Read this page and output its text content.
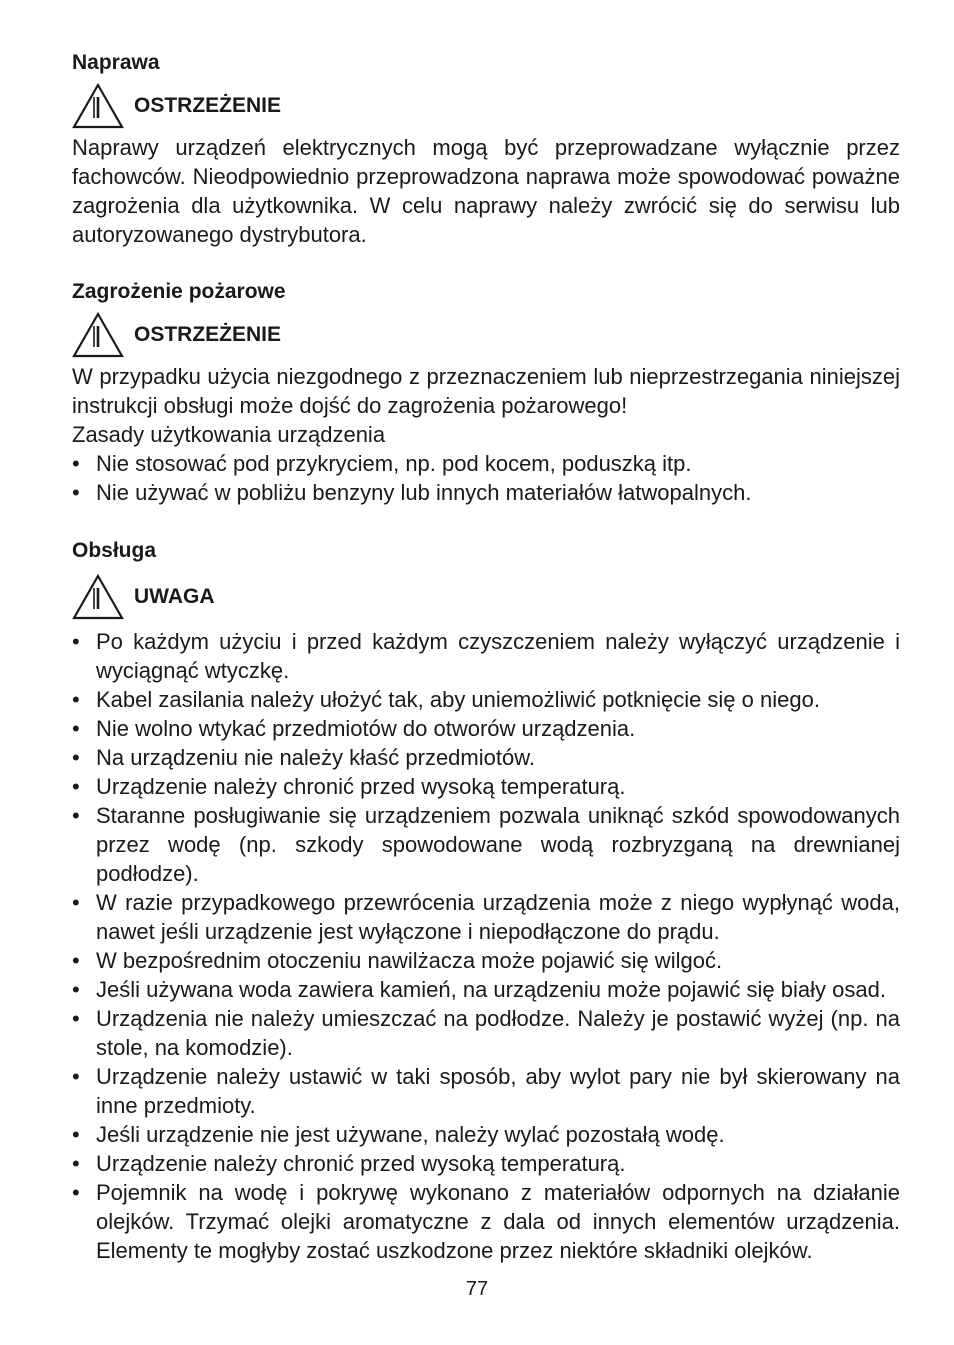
Naprawa
OSTRZEŻENIE

Naprawy urządzeń elektrycznych mogą być przeprowadzane wyłącznie przez fachowców. Nieodpowiednio przeprowadzona naprawa może spowodować poważne zagrożenia dla użytkownika. W celu naprawy należy zwrócić się do serwisu lub autoryzowanego dystrybutora.

Zagrożenie pożarowe
OSTRZEŻENIE

W przypadku użycia niezgodnego z przeznaczeniem lub nieprzestrzegania niniejszej instrukcji obsługi może dojść do zagrożenia pożarowego!

Zasady użytkowania urządzenia

• Nie stosować pod przykryciem, np. pod kocem, poduszką itp.
• Nie używać w pobliżu benzyny lub innych materiałów łatwopalnych.
Obsługa
UWAGA
• Po każdym użyciu i przed każdym czyszczeniem należy wyłączyć urządzenie i wyciągnąć wtyczkę.
• Kabel zasilania należy ułożyć tak, aby uniemożliwić potknięcie się o niego.
• Nie wolno wtykać przedmiotów do otworów urządzenia.
• Na urządzeniu nie należy kłaść przedmiotów.
• Urządzenie należy chronić przed wysoką temperaturą.
• Staranne posługiwanie się urządzeniem pozwala uniknąć szkód spowodowanych przez wodę (np. szkody spowodowane wodą rozbryzganą na drewnianej podłodze).
• W razie przypadkowego przewrócenia urządzenia może z niego wypłynąć woda, nawet jeśli urządzenie jest wyłączone i niepodłączone do prądu.
• W bezpośrednim otoczeniu nawilżacza może pojawić się wilgoć.
• Jeśli używana woda zawiera kamień, na urządzeniu może pojawić się biały osad.
• Urządzenia nie należy umieszczać na podłodze. Należy je postawić wyżej (np. na stole, na komodzie).
• Urządzenie należy ustawić w taki sposób, aby wylot pary nie był skierowany na inne przedmioty.
• Jeśli urządzenie nie jest używane, należy wylać pozostałą wodę.
• Urządzenie należy chronić przed wysoką temperaturą.
• Pojemnik na wodę i pokrywę wykonano z materiałów odpornych na działanie olejków. Trzymać olejki aromatyczne z dala od innych elementów urządzenia. Elementy te mogłyby zostać uszkodzone przez niektóre składniki olejków.
77
